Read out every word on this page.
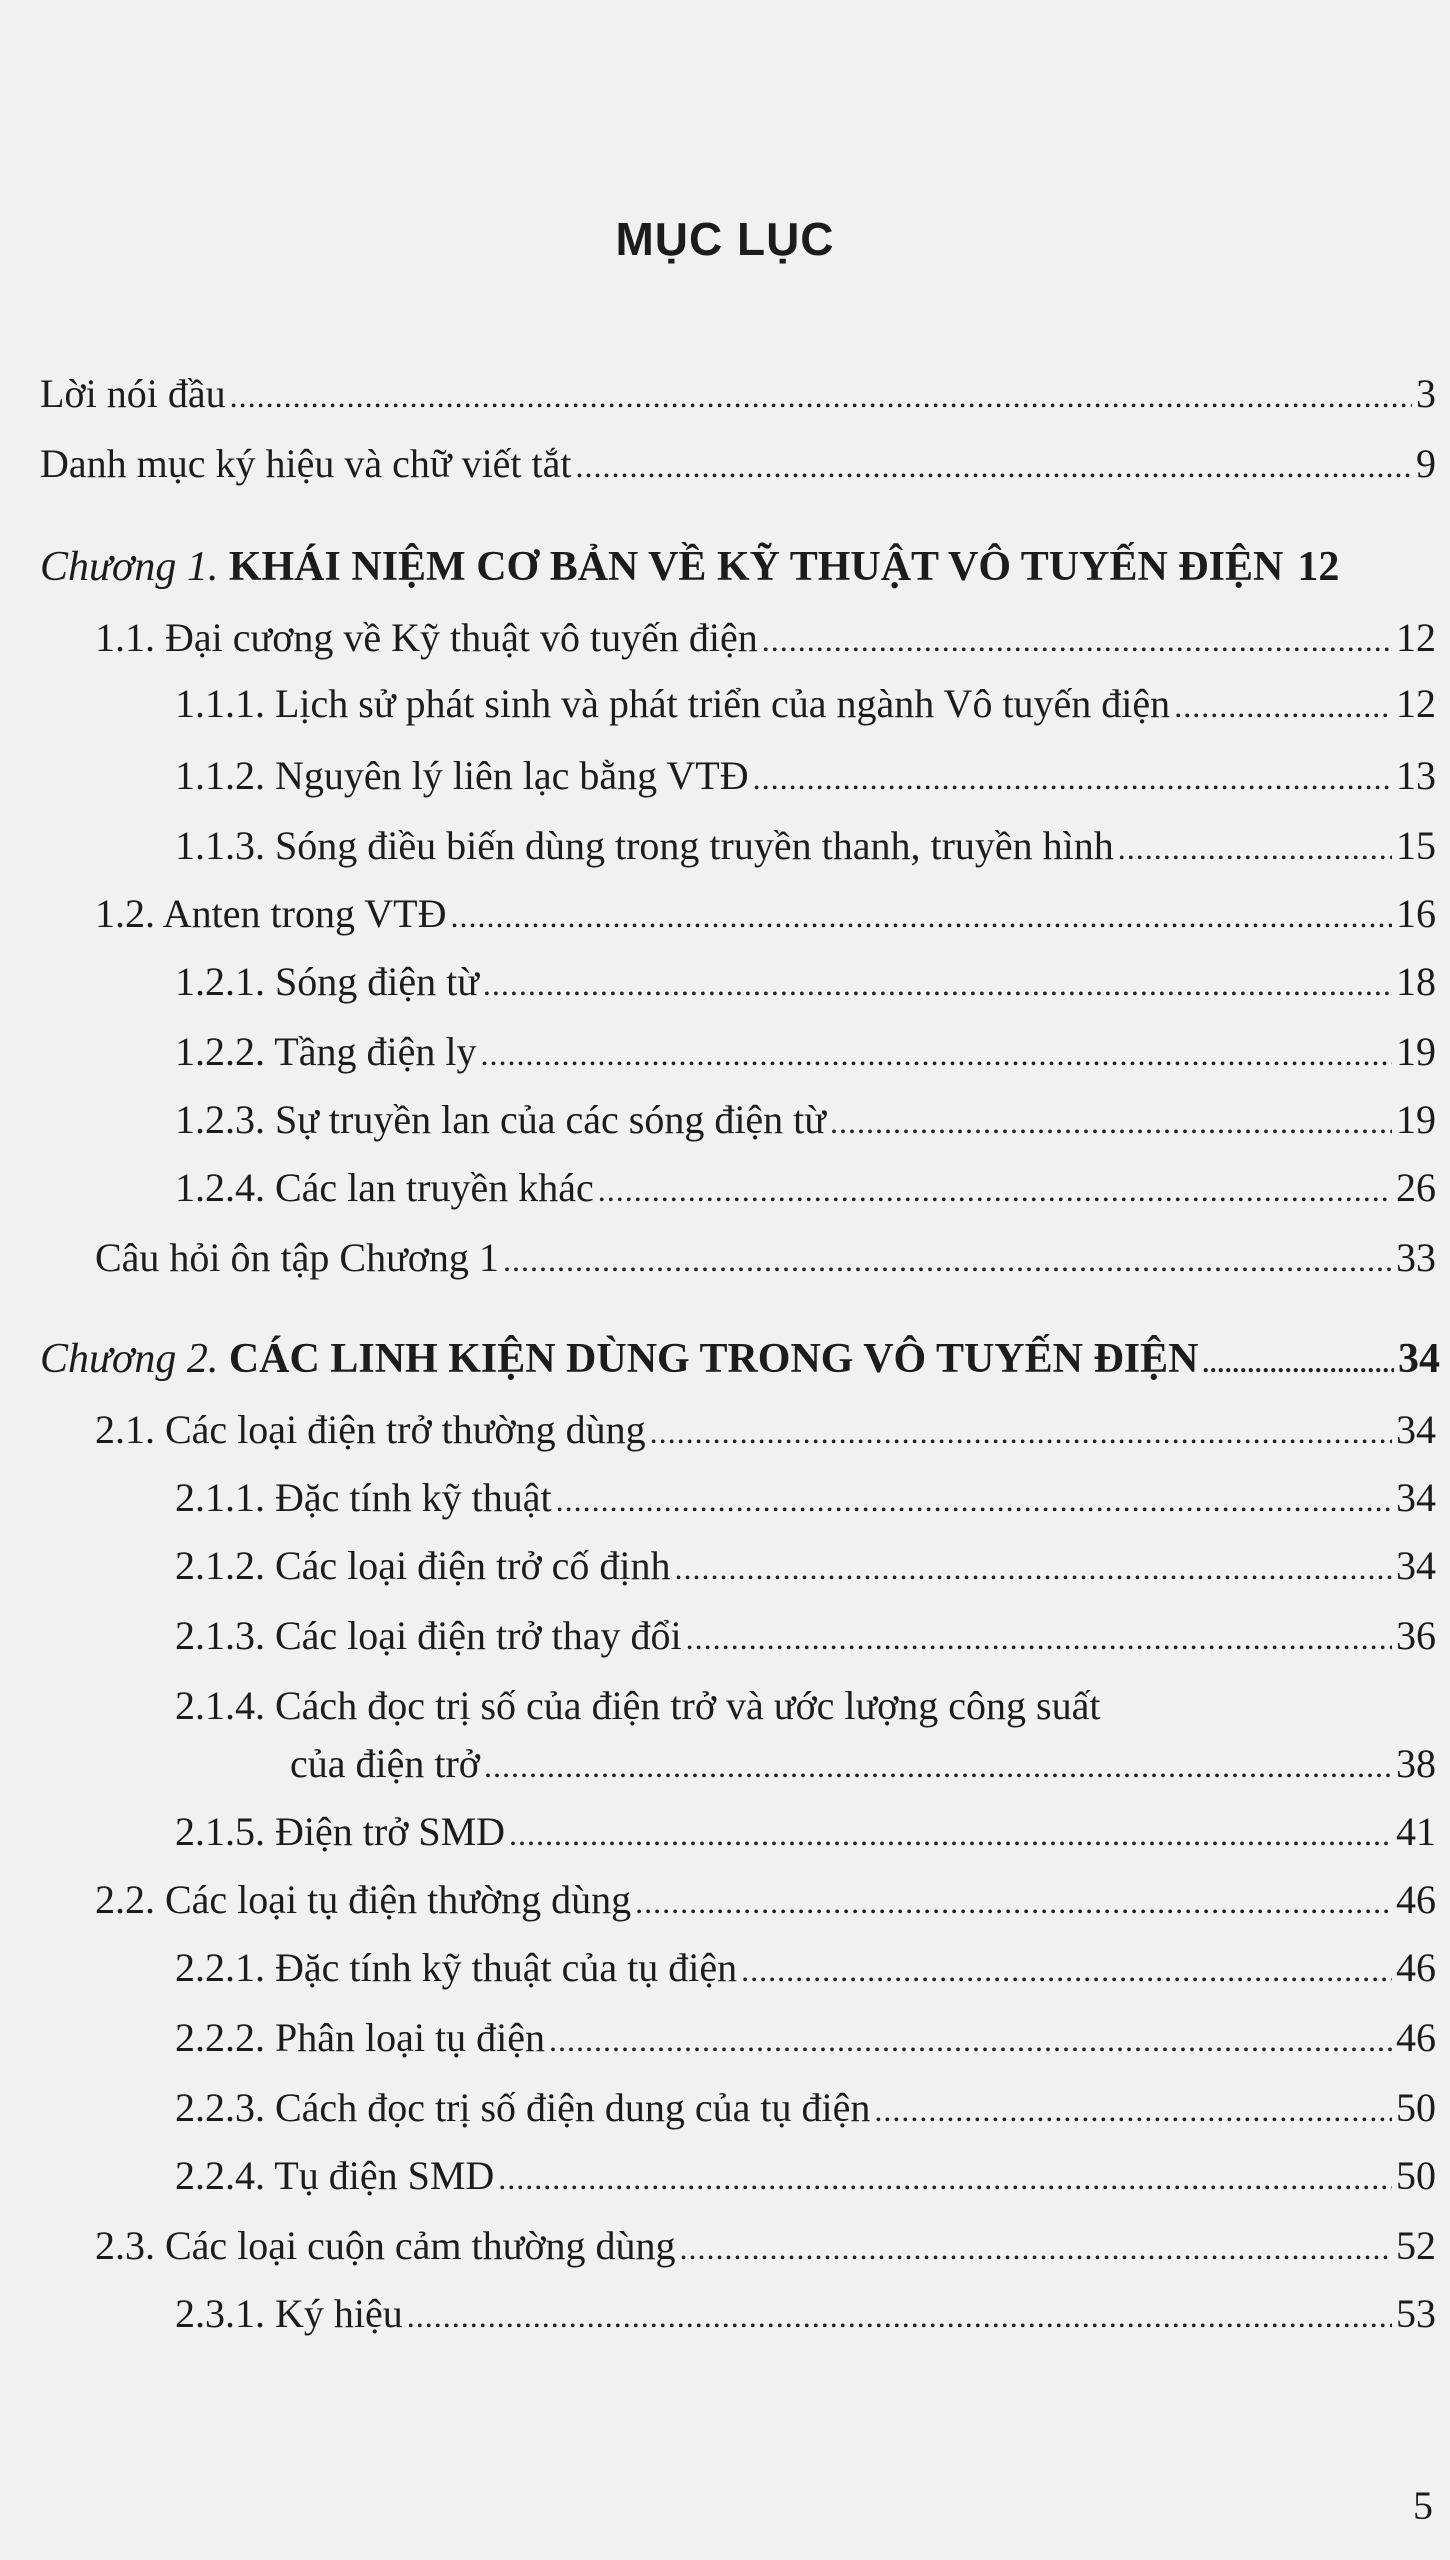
MỤC LỤC
Lời nói đầu .....	3
Danh mục ký hiệu và chữ viết tắt .....	9
Chương 1. KHÁI NIỆM CƠ BẢN VỀ KỸ THUẬT VÔ TUYẾN ĐIỆN 12
1.1. Đại cương về Kỹ thuật vô tuyến điện .....	12
1.1.1. Lịch sử phát sinh và phát triển của ngành Vô tuyến điện .....	12
1.1.2. Nguyên lý liên lạc bằng VTĐ .....	13
1.1.3. Sóng điều biến dùng trong truyền thanh, truyền hình .....	15
1.2. Anten trong VTĐ .....	16
1.2.1. Sóng điện từ .....	18
1.2.2. Tầng điện ly .....	19
1.2.3. Sự truyền lan của các sóng điện từ .....	19
1.2.4. Các lan truyền khác .....	26
Câu hỏi ôn tập Chương 1 .....	33
Chương 2. CÁC LINH KIỆN DÙNG TRONG VÔ TUYẾN ĐIỆN .....	34
2.1. Các loại điện trở thường dùng .....	34
2.1.1. Đặc tính kỹ thuật .....	34
2.1.2. Các loại điện trở cố định .....	34
2.1.3. Các loại điện trở thay đổi .....	36
2.1.4. Cách đọc trị số của điện trở và ước lượng công suất
của điện trở .....	38
2.1.5. Điện trở SMD .....	41
2.2. Các loại tụ điện thường dùng .....	46
2.2.1. Đặc tính kỹ thuật của tụ điện .....	46
2.2.2. Phân loại tụ điện .....	46
2.2.3. Cách đọc trị số điện dung của tụ điện .....	50
2.2.4. Tụ điện SMD .....	50
2.3. Các loại cuộn cảm thường dùng .....	52
2.3.1. Ký hiệu .....	53
5
